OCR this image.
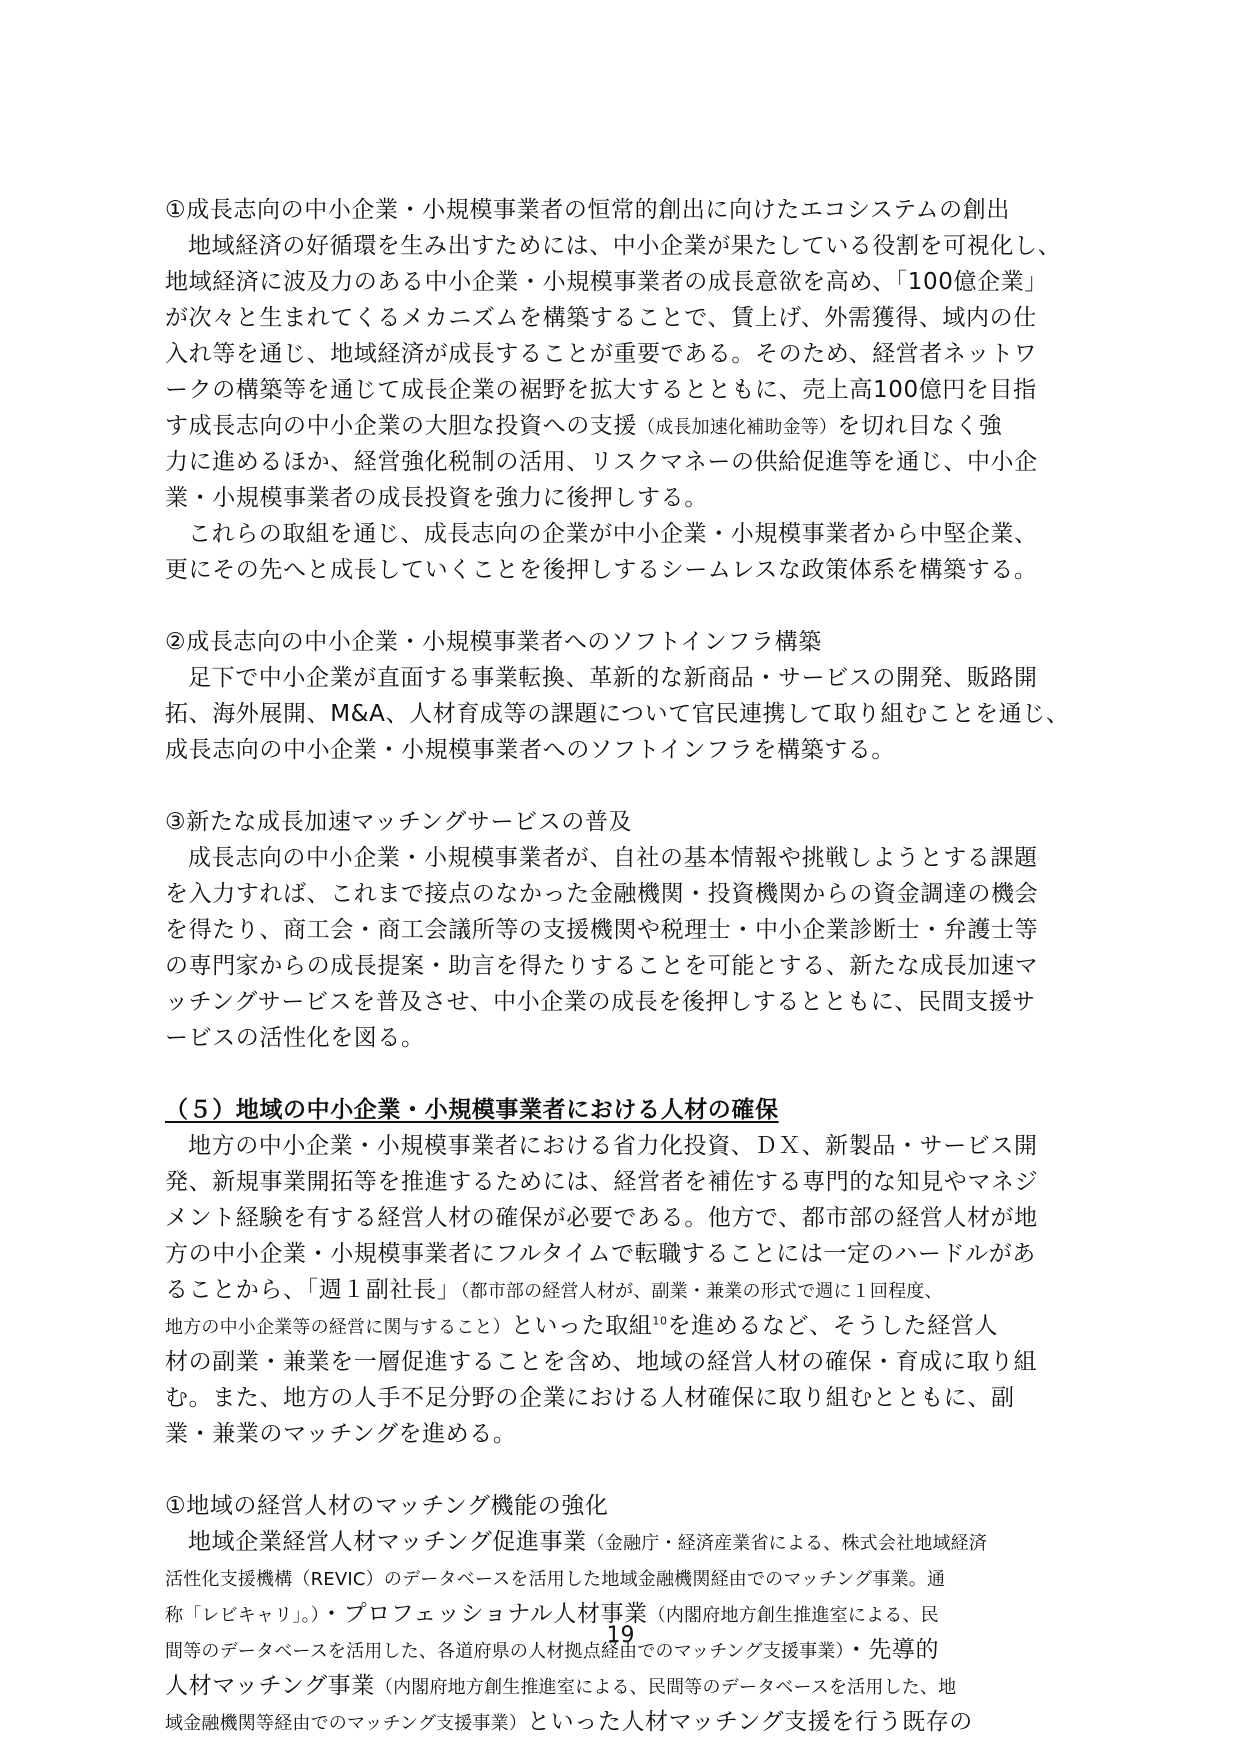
①成長志向の中小企業・小規模事業者の恒常的創出に向けたエコシステムの創出
地域経済の好循環を生み出すためには、中小企業が果たしている役割を可視化し、
地域経済に波及力のある中小企業・小規模事業者の成長意欲を高め、「100億企業」
が次々と生まれてくるメカニズムを構築することで、賃上げ、外需獲得、域内の仕
入れ等を通じ、地域経済が成長することが重要である。そのため、経営者ネットワ
ークの構築等を通じて成長企業の裾野を拡大するとともに、売上高100億円を目指
す成長志向の中小企業の大胆な投資への支援（成長加速化補助金等）を切れ目なく強
力に進めるほか、経営強化税制の活用、リスクマネーの供給促進等を通じ、中小企
業・小規模事業者の成長投資を強力に後押しする。
これらの取組を通じ、成長志向の企業が中小企業・小規模事業者から中堅企業、
更にその先へと成長していくことを後押しするシームレスな政策体系を構築する。
②成長志向の中小企業・小規模事業者へのソフトインフラ構築
足下で中小企業が直面する事業転換、革新的な新商品・サービスの開発、販路開
拓、海外展開、M&A、人材育成等の課題について官民連携して取り組むことを通じ、
成長志向の中小企業・小規模事業者へのソフトインフラを構築する。
③新たな成長加速マッチングサービスの普及
成長志向の中小企業・小規模事業者が、自社の基本情報や挑戦しようとする課題
を入力すれば、これまで接点のなかった金融機関・投資機関からの資金調達の機会
を得たり、商工会・商工会議所等の支援機関や税理士・中小企業診断士・弁護士等
の専門家からの成長提案・助言を得たりすることを可能とする、新たな成長加速マ
ッチングサービスを普及させ、中小企業の成長を後押しするとともに、民間支援サ
ービスの活性化を図る。
（５）地域の中小企業・小規模事業者における人材の確保
地方の中小企業・小規模事業者における省力化投資、ＤＸ、新製品・サービス開
発、新規事業開拓等を推進するためには、経営者を補佐する専門的な知見やマネジ
メント経験を有する経営人材の確保が必要である。他方で、都市部の経営人材が地
方の中小企業・小規模事業者にフルタイムで転職することには一定のハードルがあ
ることから、「週１副社長」（都市部の経営人材が、副業・兼業の形式で週に１回程度、
地方の中小企業等の経営に関与すること）といった取組$^{10}$を進めるなど、そうした経営人
材の副業・兼業を一層促進することを含め、地域の経営人材の確保・育成に取り組
む。また、地方の人手不足分野の企業における人材確保に取り組むとともに、副
業・兼業のマッチングを進める。
①地域の経営人材のマッチング機能の強化
地域企業経営人材マッチング促進事業（金融庁・経済産業省による、株式会社地域経済
活性化支援機構（REVIC）のデータベースを活用した地域金融機関経由でのマッチング事業。通
称「レビキャリ」。）・プロフェッショナル人材事業（内閣府地方創生推進室による、民
間等のデータベースを活用した、各道府県の人材拠点経由でのマッチング支援事業）・先導的
人材マッチング事業（内閣府地方創生推進室による、民間等のデータベースを活用した、地
域金融機関等経由でのマッチング支援事業）といった人材マッチング支援を行う既存の
19
